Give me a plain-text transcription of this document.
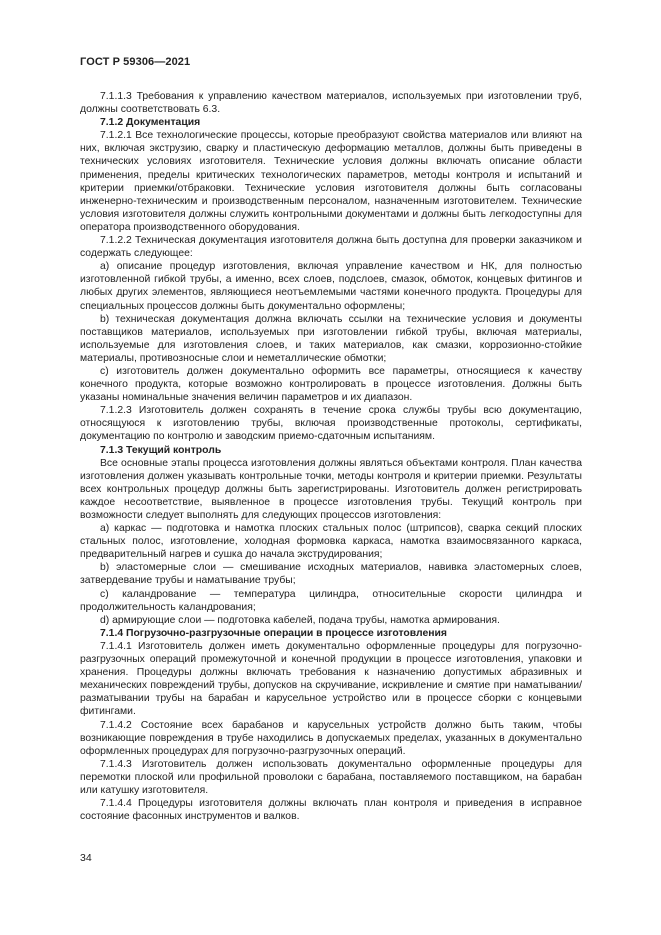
ГОСТ Р 59306—2021

7.1.1.3 Требования к управлению качеством материалов, используемых при изготовлении труб, должны соответствовать 6.3.

7.1.2 Документация

7.1.2.1 Все технологические процессы, которые преобразуют свойства материалов или влияют на них, включая экструзию, сварку и пластическую деформацию металлов, должны быть приведены в технических условиях изготовителя. Технические условия должны включать описание области применения, пределы критических технологических параметров, методы контроля и испытаний и критерии приемки/отбраковки. Технические условия изготовителя должны быть согласованы инженерно-техническим и производственным персоналом, назначенным изготовителем. Технические условия изготовителя должны служить контрольными документами и должны быть легкодоступны для оператора производственного оборудования.

7.1.2.2 Техническая документация изготовителя должна быть доступна для проверки заказчиком и содержать следующее:

а) описание процедур изготовления, включая управление качеством и НК, для полностью изготовленной гибкой трубы, а именно, всех слоев, подслоев, смазок, обмоток, концевых фитингов и любых других элементов, являющиеся неотъемлемыми частями конечного продукта. Процедуры для специальных процессов должны быть документально оформлены;

b) техническая документация должна включать ссылки на технические условия и документы поставщиков материалов, используемых при изготовлении гибкой трубы, включая материалы, используемые для изготовления слоев, и таких материалов, как смазки, коррозионно-стойкие материалы, противозносные слои и неметаллические обмотки;

с) изготовитель должен документально оформить все параметры, относящиеся к качеству конечного продукта, которые возможно контролировать в процессе изготовления. Должны быть указаны номинальные значения величин параметров и их диапазон.

7.1.2.3 Изготовитель должен сохранять в течение срока службы трубы всю документацию, относящуюся к изготовлению трубы, включая производственные протоколы, сертификаты, документацию по контролю и заводским приемо-сдаточным испытаниям.

7.1.3 Текущий контроль

Все основные этапы процесса изготовления должны являться объектами контроля. План качества изготовления должен указывать контрольные точки, методы контроля и критерии приемки. Результаты всех контрольных процедур должны быть зарегистрированы. Изготовитель должен регистрировать каждое несоответствие, выявленное в процессе изготовления трубы. Текущий контроль при возможности следует выполнять для следующих процессов изготовления:

а) каркас — подготовка и намотка плоских стальных полос (штрипсов), сварка секций плоских стальных полос, изготовление, холодная формовка каркаса, намотка взаимосвязанного каркаса, предварительный нагрев и сушка до начала экструдирования;

b) эластомерные слои — смешивание исходных материалов, навивка эластомерных слоев, затвердевание трубы и наматывание трубы;

с) каландрование — температура цилиндра, относительные скорости цилиндра и продолжительность каландрования;

d) армирующие слои — подготовка кабелей, подача трубы, намотка армирования.

7.1.4 Погрузочно-разгрузочные операции в процессе изготовления

7.1.4.1 Изготовитель должен иметь документально оформленные процедуры для погрузочно-разгрузочных операций промежуточной и конечной продукции в процессе изготовления, упаковки и хранения. Процедуры должны включать требования к назначению допустимых абразивных и механических повреждений трубы, допусков на скручивание, искривление и смятие при наматывании/разматывании трубы на барабан и карусельное устройство или в процессе сборки с концевыми фитингами.

7.1.4.2 Состояние всех барабанов и карусельных устройств должно быть таким, чтобы возникающие повреждения в трубе находились в допускаемых пределах, указанных в документально оформленных процедурах для погрузочно-разгрузочных операций.

7.1.4.3 Изготовитель должен использовать документально оформленные процедуры для перемотки плоской или профильной проволоки с барабана, поставляемого поставщиком, на барабан или катушку изготовителя.

7.1.4.4 Процедуры изготовителя должны включать план контроля и приведения в исправное состояние фасонных инструментов и валков.

34
